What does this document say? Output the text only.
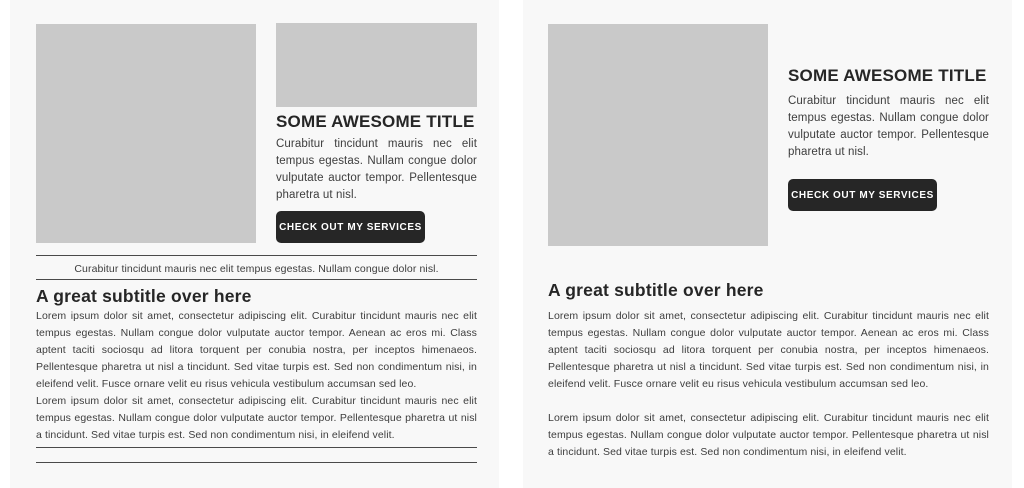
SOME AWESOME TITLE
Curabitur tincidunt mauris nec elit tempus egestas. Nullam congue dolor vulputate auctor tempor. Pellentesque pharetra ut nisl.
CHECK OUT MY SERVICES
Curabitur tincidunt mauris nec elit tempus egestas. Nullam congue dolor nisl.
A great subtitle over here

Lorem ipsum dolor sit amet, consectetur adipiscing elit. Curabitur tincidunt mauris nec elit tempus egestas. Nullam congue dolor vulputate auctor tempor. Aenean ac eros mi. Class aptent taciti sociosqu ad litora torquent per conubia nostra, per inceptos himenaeos. Pellentesque pharetra ut nisl a tincidunt. Sed vitae turpis est. Sed non condimentum nisi, in eleifend velit. Fusce ornare velit eu risus vehicula vestibulum accumsan sed leo.

Lorem ipsum dolor sit amet, consectetur adipiscing elit. Curabitur tincidunt mauris nec elit tempus egestas. Nullam congue dolor vulputate auctor tempor. Pellentesque pharetra ut nisl a tincidunt. Sed vitae turpis est. Sed non condimentum nisi, in eleifend velit.

SOME AWESOME TITLE
Curabitur tincidunt mauris nec elit tempus egestas. Nullam congue dolor vulputate auctor tempor. Pellentesque pharetra ut nisl.
CHECK OUT MY SERVICES
A great subtitle over here
Lorem ipsum dolor sit amet, consectetur adipiscing elit. Curabitur tincidunt mauris nec elit tempus egestas. Nullam congue dolor vulputate auctor tempor. Aenean ac eros mi. Class aptent taciti sociosqu ad litora torquent per conubia nostra, per inceptos himenaeos. Pellentesque pharetra ut nisl a tincidunt. Sed vitae turpis est. Sed non condimentum nisi, in eleifend velit. Fusce ornare velit eu risus vehicula vestibulum accumsan sed leo.
Lorem ipsum dolor sit amet, consectetur adipiscing elit. Curabitur tincidunt mauris nec elit tempus egestas. Nullam congue dolor vulputate auctor tempor. Pellentesque pharetra ut nisl a tincidunt. Sed vitae turpis est. Sed non condimentum nisi, in eleifend velit.
